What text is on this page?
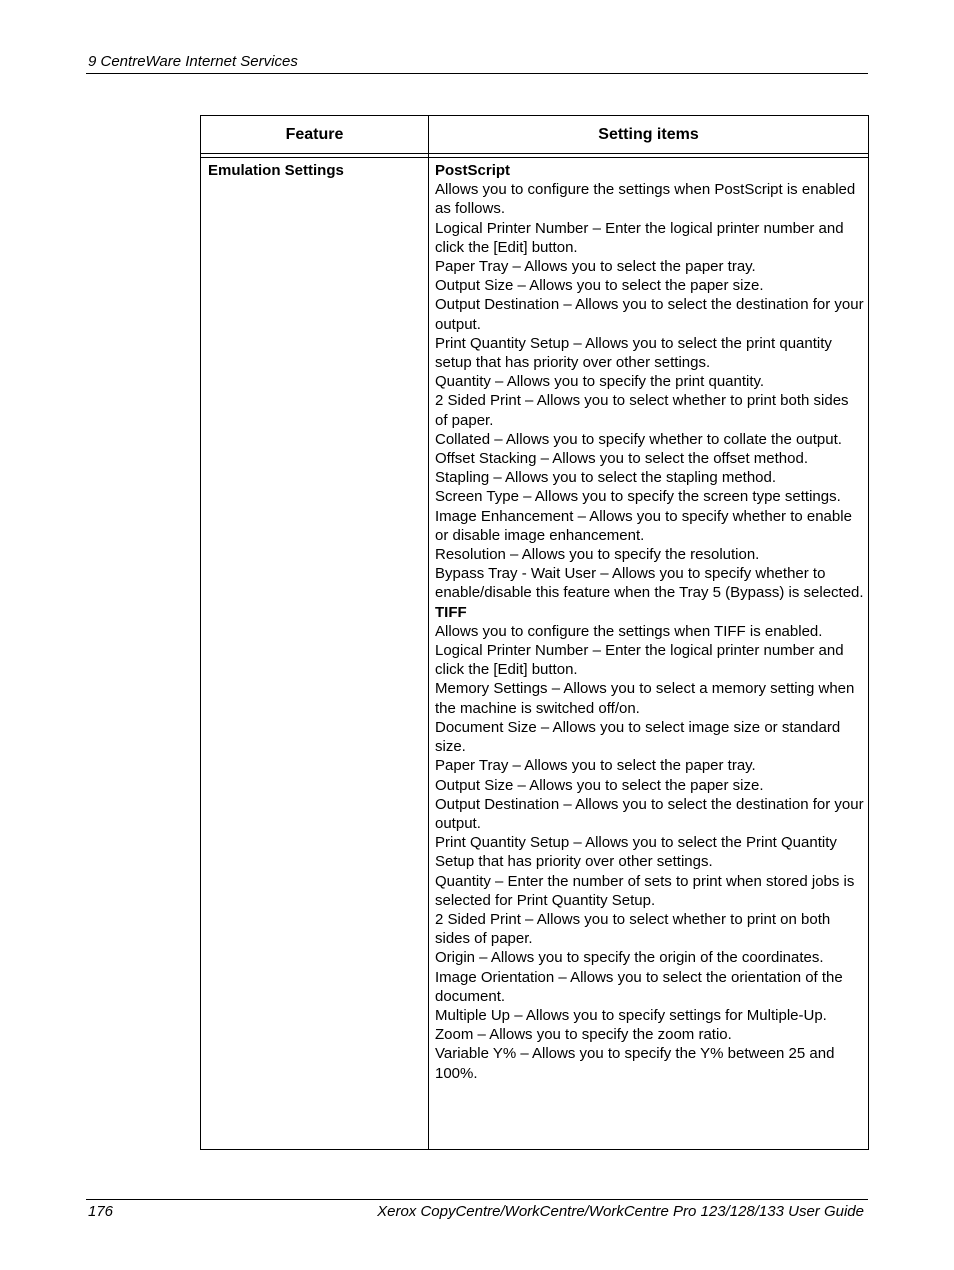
9 CentreWare Internet Services
Feature	Setting items
Emulation Settings	PostScript
Allows you to configure the settings when PostScript is enabled as follows.
Logical Printer Number – Enter the logical printer number and click the [Edit] button.
Paper Tray – Allows you to select the paper tray.
Output Size – Allows you to select the paper size.
Output Destination – Allows you to select the destination for your output.
Print Quantity Setup – Allows you to select the print quantity setup that has priority over other settings.
Quantity – Allows you to specify the print quantity.
2 Sided Print – Allows you to select whether to print both sides of paper.
Collated – Allows you to specify whether to collate the output.
Offset Stacking – Allows you to select the offset method.
Stapling – Allows you to select the stapling method.
Screen Type – Allows you to specify the screen type settings.
Image Enhancement – Allows you to specify whether to enable or disable image enhancement.
Resolution – Allows you to specify the resolution.
Bypass Tray - Wait User – Allows you to specify whether to enable/disable this feature when the Tray 5 (Bypass) is selected.
TIFF
Allows you to configure the settings when TIFF is enabled.
Logical Printer Number – Enter the logical printer number and click the [Edit] button.
Memory Settings – Allows you to select a memory setting when the machine is switched off/on.
Document Size – Allows you to select image size or standard size.
Paper Tray – Allows you to select the paper tray.
Output Size – Allows you to select the paper size.
Output Destination – Allows you to select the destination for your output.
Print Quantity Setup – Allows you to select the Print Quantity Setup that has priority over other settings.
Quantity – Enter the number of sets to print when stored jobs is selected for Print Quantity Setup.
2 Sided Print – Allows you to select whether to print on both sides of paper.
Origin – Allows you to specify the origin of the coordinates.
Image Orientation – Allows you to select the orientation of the document.
Multiple Up – Allows you to specify settings for Multiple-Up.
Zoom – Allows you to specify the zoom ratio.
Variable Y% – Allows you to specify the Y% between 25 and 100%.
176	Xerox CopyCentre/WorkCentre/WorkCentre Pro 123/128/133 User Guide
